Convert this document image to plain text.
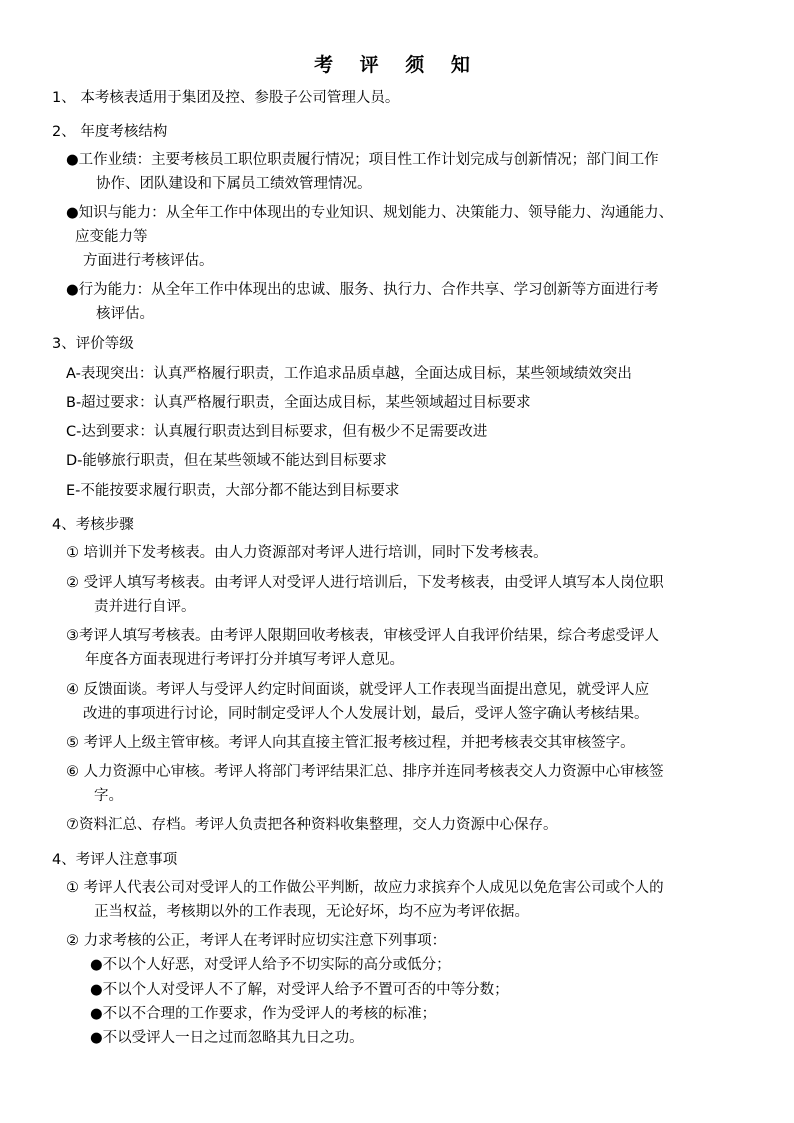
考 评 须 知
1、 本考核表适用于集团及控、参股子公司管理人员。
2、 年度考核结构
●工作业绩：主要考核员工职位职责履行情况；项目性工作计划完成与创新情况；部门间工作
协作、团队建设和下属员工绩效管理情况。
●知识与能力：从全年工作中体现出的专业知识、规划能力、决策能力、领导能力、沟通能力、
应变能力等
方面进行考核评估。
●行为能力：从全年工作中体现出的忠诚、服务、执行力、合作共享、学习创新等方面进行考
核评估。
3、评价等级
A-表现突出：认真严格履行职责，工作追求品质卓越，全面达成目标，某些领域绩效突出
B-超过要求：认真严格履行职责，全面达成目标，某些领域超过目标要求
C-达到要求：认真履行职责达到目标要求，但有极少不足需要改进
D-能够旅行职责，但在某些领域不能达到目标要求
E-不能按要求履行职责，大部分都不能达到目标要求
4、考核步骤
① 培训并下发考核表。由人力资源部对考评人进行培训，同时下发考核表。
② 受评人填写考核表。由考评人对受评人进行培训后，下发考核表，由受评人填写本人岗位职
责并进行自评。
③考评人填写考核表。由考评人限期回收考核表，审核受评人自我评价结果，综合考虑受评人
年度各方面表现进行考评打分并填写考评人意见。
④ 反馈面谈。考评人与受评人约定时间面谈，就受评人工作表现当面提出意见，就受评人应
改进的事项进行讨论，同时制定受评人个人发展计划，最后，受评人签字确认考核结果。
⑤ 考评人上级主管审核。考评人向其直接主管汇报考核过程，并把考核表交其审核签字。
⑥ 人力资源中心审核。考评人将部门考评结果汇总、排序并连同考核表交人力资源中心审核签
字。
⑦资料汇总、存档。考评人负责把各种资料收集整理，交人力资源中心保存。
4、考评人注意事项
① 考评人代表公司对受评人的工作做公平判断，故应力求摈弃个人成见以免危害公司或个人的
正当权益，考核期以外的工作表现，无论好坏，均不应为考评依据。
② 力求考核的公正，考评人在考评时应切实注意下列事项：
●不以个人好恶，对受评人给予不切实际的高分或低分；
●不以个人对受评人不了解，对受评人给予不置可否的中等分数；
●不以不合理的工作要求，作为受评人的考核的标准；
●不以受评人一日之过而忽略其九日之功。
